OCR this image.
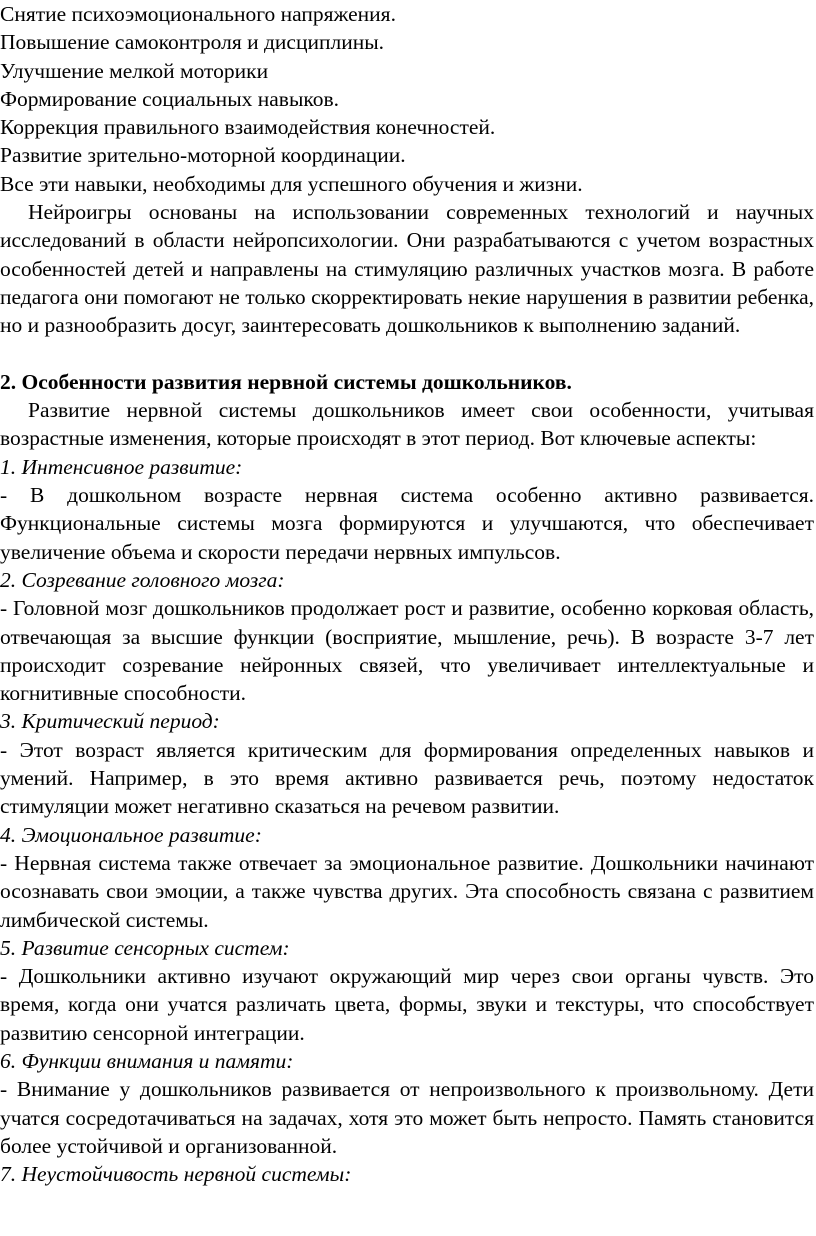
Снятие психоэмоционального напряжения.
Повышение самоконтроля и дисциплины.
Улучшение мелкой моторики
Формирование социальных навыков.
Коррекция правильного взаимодействия конечностей.
Развитие зрительно-моторной координации.
Все эти навыки, необходимы для успешного обучения и жизни.

Нейроигры основаны на использовании современных технологий и научных исследований в области нейропсихологии. Они разрабатываются с учетом возрастных особенностей детей и направлены на стимуляцию различных участков мозга. В работе педагога они помогают не только скорректировать некие нарушения в развитии ребенка, но и разнообразить досуг, заинтересовать дошкольников к выполнению заданий.

2. Особенности развития нервной системы дошкольников.

Развитие нервной системы дошкольников имеет свои особенности, учитывая возрастные изменения, которые происходят в этот период. Вот ключевые аспекты:

1. Интенсивное развитие:

- В дошкольном возрасте нервная система особенно активно развивается. Функциональные системы мозга формируются и улучшаются, что обеспечивает увеличение объема и скорости передачи нервных импульсов.

2. Созревание головного мозга:

- Головной мозг дошкольников продолжает рост и развитие, особенно корковая область, отвечающая за высшие функции (восприятие, мышление, речь). В возрасте 3-7 лет происходит созревание нейронных связей, что увеличивает интеллектуальные и когнитивные способности.

3. Критический период:

- Этот возраст является критическим для формирования определенных навыков и умений. Например, в это время активно развивается речь, поэтому недостаток стимуляции может негативно сказаться на речевом развитии.

4. Эмоциональное развитие:

- Нервная система также отвечает за эмоциональное развитие. Дошкольники начинают осознавать свои эмоции, а также чувства других. Эта способность связана с развитием лимбической системы.

5. Развитие сенсорных систем:

- Дошкольники активно изучают окружающий мир через свои органы чувств. Это время, когда они учатся различать цвета, формы, звуки и текстуры, что способствует развитию сенсорной интеграции.

6. Функции внимания и памяти:

- Внимание у дошкольников развивается от непроизвольного к произвольному. Дети учатся сосредотачиваться на задачах, хотя это может быть непросто. Память становится более устойчивой и организованной.

7. Неустойчивость нервной системы:
